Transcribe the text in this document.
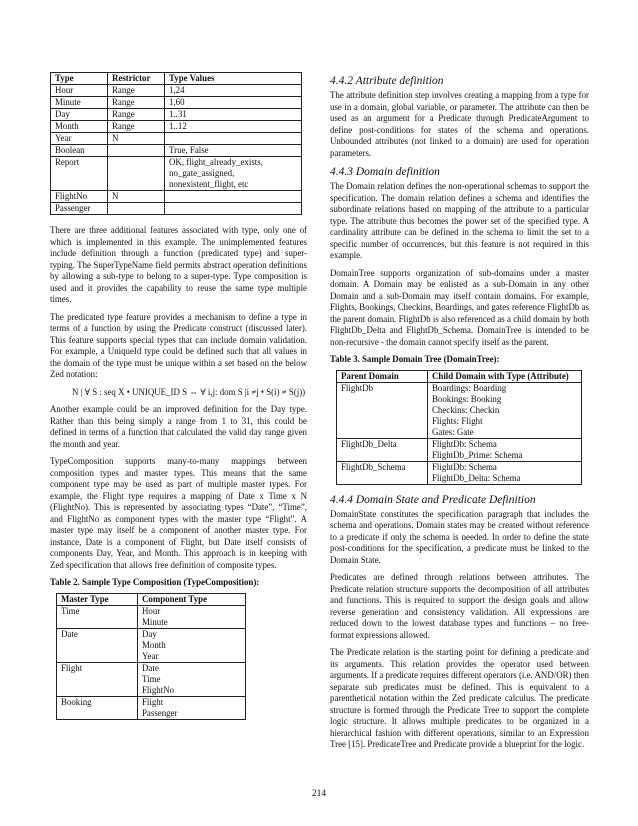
Type	Restrictor	Type Values
Hour	Range	1,24

Minute	Range	1,60

Day	Range	1..31

Month	Range	1..12

Year	N	

Boolean		True, False

Report		OK, flight_already_exists,
no_gate_assigned,
nonexistent_flight, etc

FlightNo	N	

Passenger		

There are three additional features associated with type, only one of which is implemented in this example. The unimplemented features include definition through a function (predicated type) and super-typing. The SuperTypeName field permits abstract operation definitions by allowing a sub-type to belong to a super-type. Type composition is used and it provides the capability to reuse the same type multiple times.

The predicated type feature provides a mechanism to define a type in terms of a function by using the Predicate construct (discussed later). This feature supports special types that can include domain validation. For example, a UniqueId type could be defined such that all values in the domain of the type must be unique within a set based on the below Zed notation:

N | ∀ S : seq X • UNIQUE_ID S ⇔ ∀ i,j: dom S |i ≠j • S(i) ≠ S(j))

Another example could be an improved definition for the Day type. Rather than this being simply a range from 1 to 31, this could be defined in terms of a function that calculated the valid day range given the month and year.

TypeComposition supports many-to-many mappings between composition types and master types. This means that the same component type may be used as part of multiple master types. For example, the Flight type requires a mapping of Date x Time x N (FlightNo). This is represented by associating types “Date”, “Time”, and FlightNo as component types with the master type “Flight”. A master type may itself be a component of another master type. For instance, Date is a component of Flight, but Date itself consists of components Day, Year, and Month. This approach is in keeping with Zed specification that allows free definition of composite types.

Table 2. Sample Type Composition (TypeComposition):
Master Type	Component Type
Time	Hour
Minute

Date	Day
Month
Year

Flight	Date
Time
FlightNo

Booking	Flight
Passenger
4.4.2 Attribute definition

The attribute definition step involves creating a mapping from a type for use in a domain, global variable, or parameter. The attribute can then be used as an argument for a Predicate through PredicateArgument to define post-conditions for states of the schema and operations. Unbounded attributes (not linked to a domain) are used for operation parameters.

4.4.3 Domain definition

The Domain relation defines the non-operational schemas to support the specification. The domain relation defines a schema and identifies the subordinate relations based on mapping of the attribute to a particular type. The attribute thus becomes the power set of the specified type. A cardinality attribute can be defined in the schema to limit the set to a specific number of occurrences, but this feature is not required in this example.

DomainTree supports organization of sub-domains under a master domain. A Domain may be enlisted as a sub-Domain in any other Domain and a sub-Domain may itself contain domains. For example, Flights, Bookings, Checkins, Boardings, and gates reference FlightDb as the parent domain. FlightDb is also referenced as a child domain by both FlightDb_Delta and FlightDb_Schema. DomainTree is intended to be non-recursive - the domain cannot specify itself as the parent.

Table 3. Sample Domain Tree (DomainTree):
Parent Domain	Child Domain with Type (Attribute)
FlightDb	Boardings: Boarding
Bookings: Booking
Checkins: Checkin
Flights: Flight
Gates: Gate

FlightDb_Delta	FlightDb: Schema
FlightDb_Prime: Schema

FlightDb_Schema	FlightDb: Schema
FlightDb_Delta: Schema
4.4.4 Domain State and Predicate Definition

DomainState constitutes the specification paragraph that includes the schema and operations. Domain states may be created without reference to a predicate if only the schema is needed. In order to define the state post-conditions for the specification, a predicate must be linked to the Domain State.

Predicates are defined through relations between attributes. The Predicate relation structure supports the decomposition of all attributes and functions. This is required to support the design goals and allow reverse generation and consistency validation. All expressions are reduced down to the lowest database types and functions – no free-format expressions allowed.

The Predicate relation is the starting point for defining a predicate and its arguments. This relation provides the operator used between arguments. If a predicate requires different operators (i.e. AND/OR) then separate sub predicates must be defined. This is equivalent to a parenthetical notation within the Zed predicate calculus. The predicate structure is formed through the Predicate Tree to support the complete logic structure. It allows multiple predicates to be organized in a hierarchical fashion with different operations, similar to an Expression Tree [15]. PredicateTree and Predicate provide a blueprint for the logic.

214
